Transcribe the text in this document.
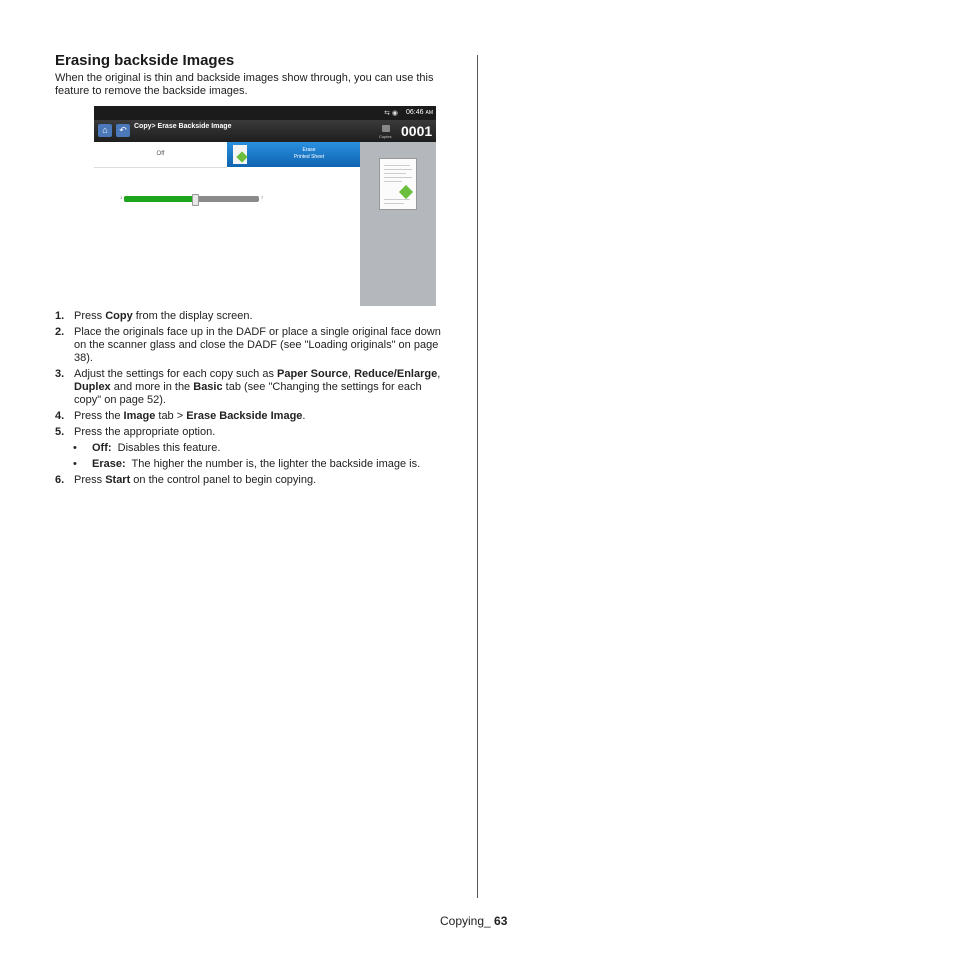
Erasing backside Images

When the original is thin and backside images show through, you can use this feature to remove the backside images.

⇆ ◉ 06:46 AM
⌂	↶	Copy> Erase Backside Image
Copies 0001
Off
Erase
Printed Sheet
1	7
1. Press Copy from the display screen.
2. Place the originals face up in the DADF or place a single original face down on the scanner glass and close the DADF (see "Loading originals" on page 38).
3. Adjust the settings for each copy such as Paper Source, Reduce/Enlarge, Duplex and more in the Basic tab (see "Changing the settings for each copy" on page 52).
4. Press the Image tab > Erase Backside Image.
5. Press the appropriate option.
• Off:  Disables this feature.
• Erase:  The higher the number is, the lighter the backside image is.
6. Press Start on the control panel to begin copying.
Copying_ 63
